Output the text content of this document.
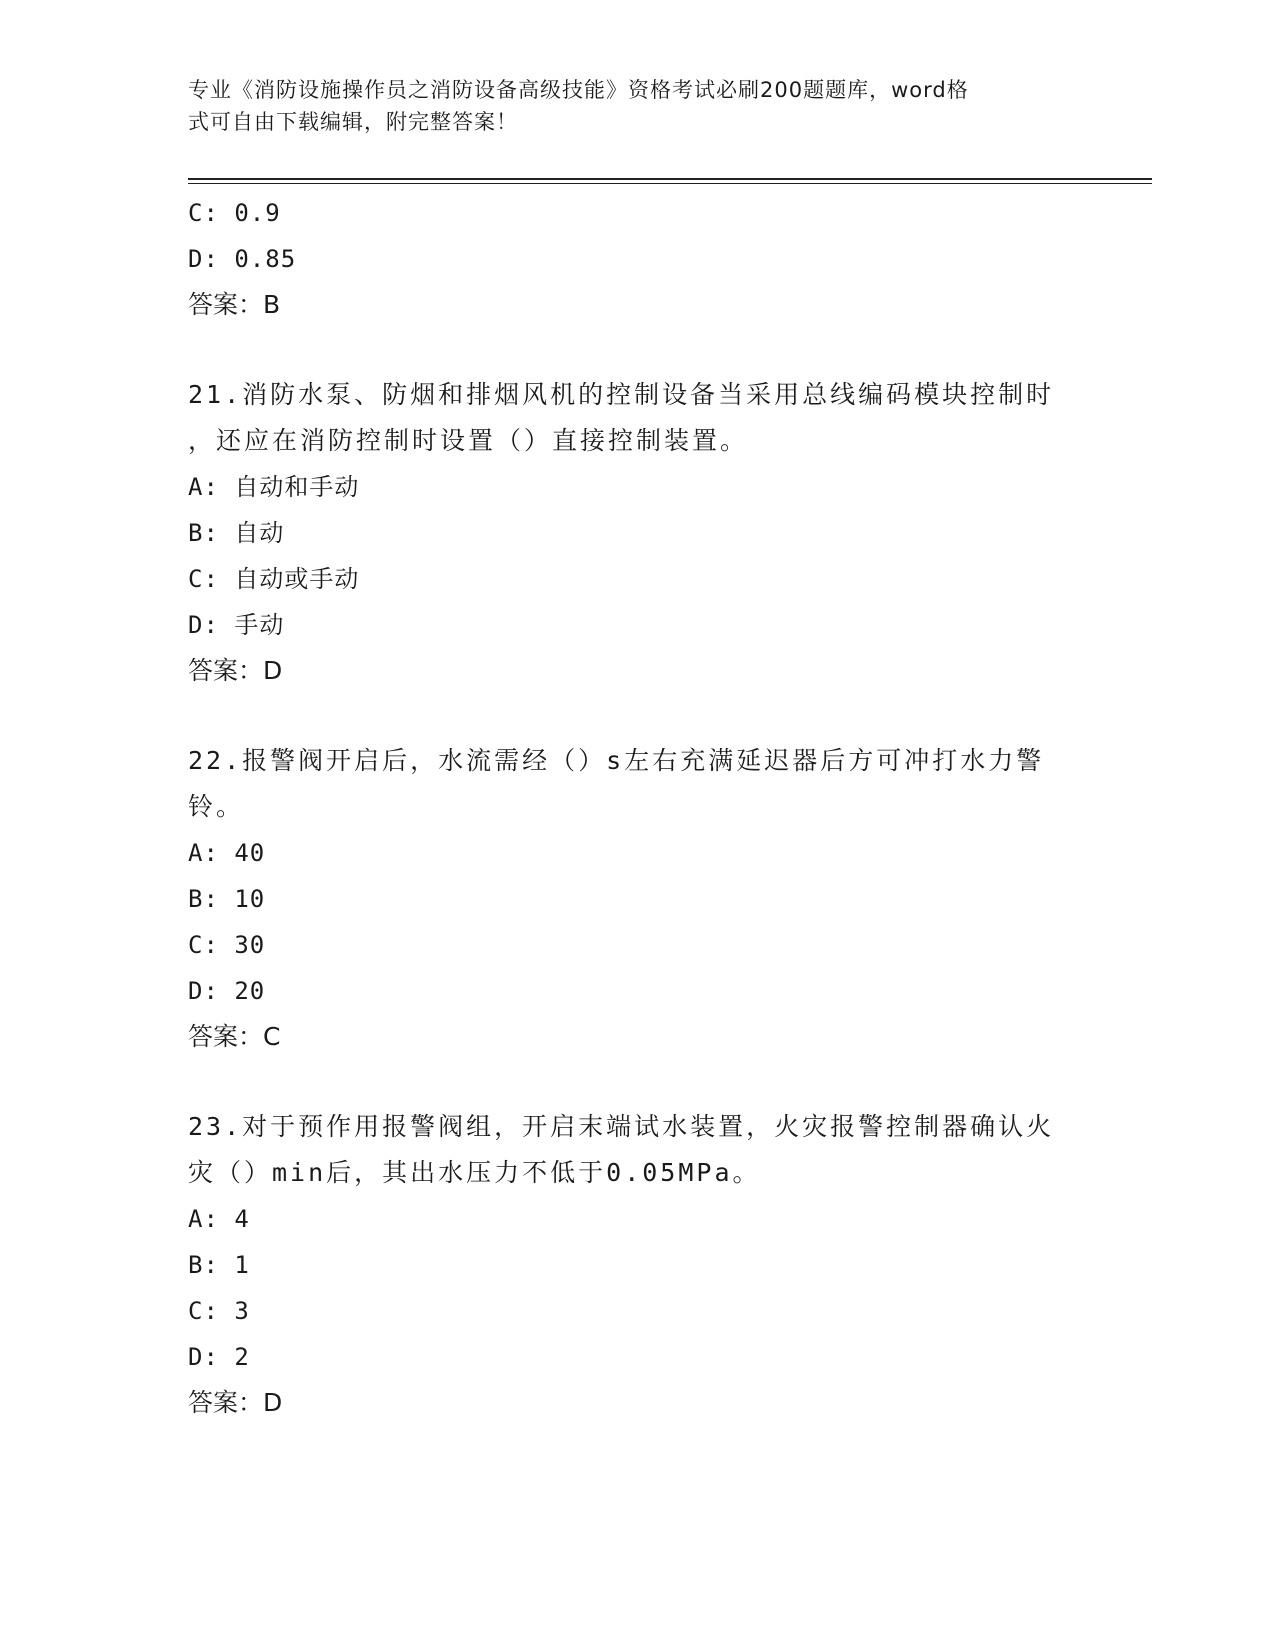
专业《消防设施操作员之消防设备高级技能》资格考试必刷200题题库，word格
式可自由下载编辑，附完整答案！
C: 0.9
D: 0.85
答案：B
21.消防水泵、防烟和排烟风机的控制设备当采用总线编码模块控制时
，还应在消防控制时设置（）直接控制装置。
A: 自动和手动
B: 自动
C: 自动或手动
D: 手动
答案：D
22.报警阀开启后，水流需经（）s左右充满延迟器后方可冲打水力警
铃。
A: 40
B: 10
C: 30
D: 20
答案：C
23.对于预作用报警阀组，开启末端试水装置，火灾报警控制器确认火
灾（）min后，其出水压力不低于0.05MPa。
A: 4
B: 1
C: 3
D: 2
答案：D
